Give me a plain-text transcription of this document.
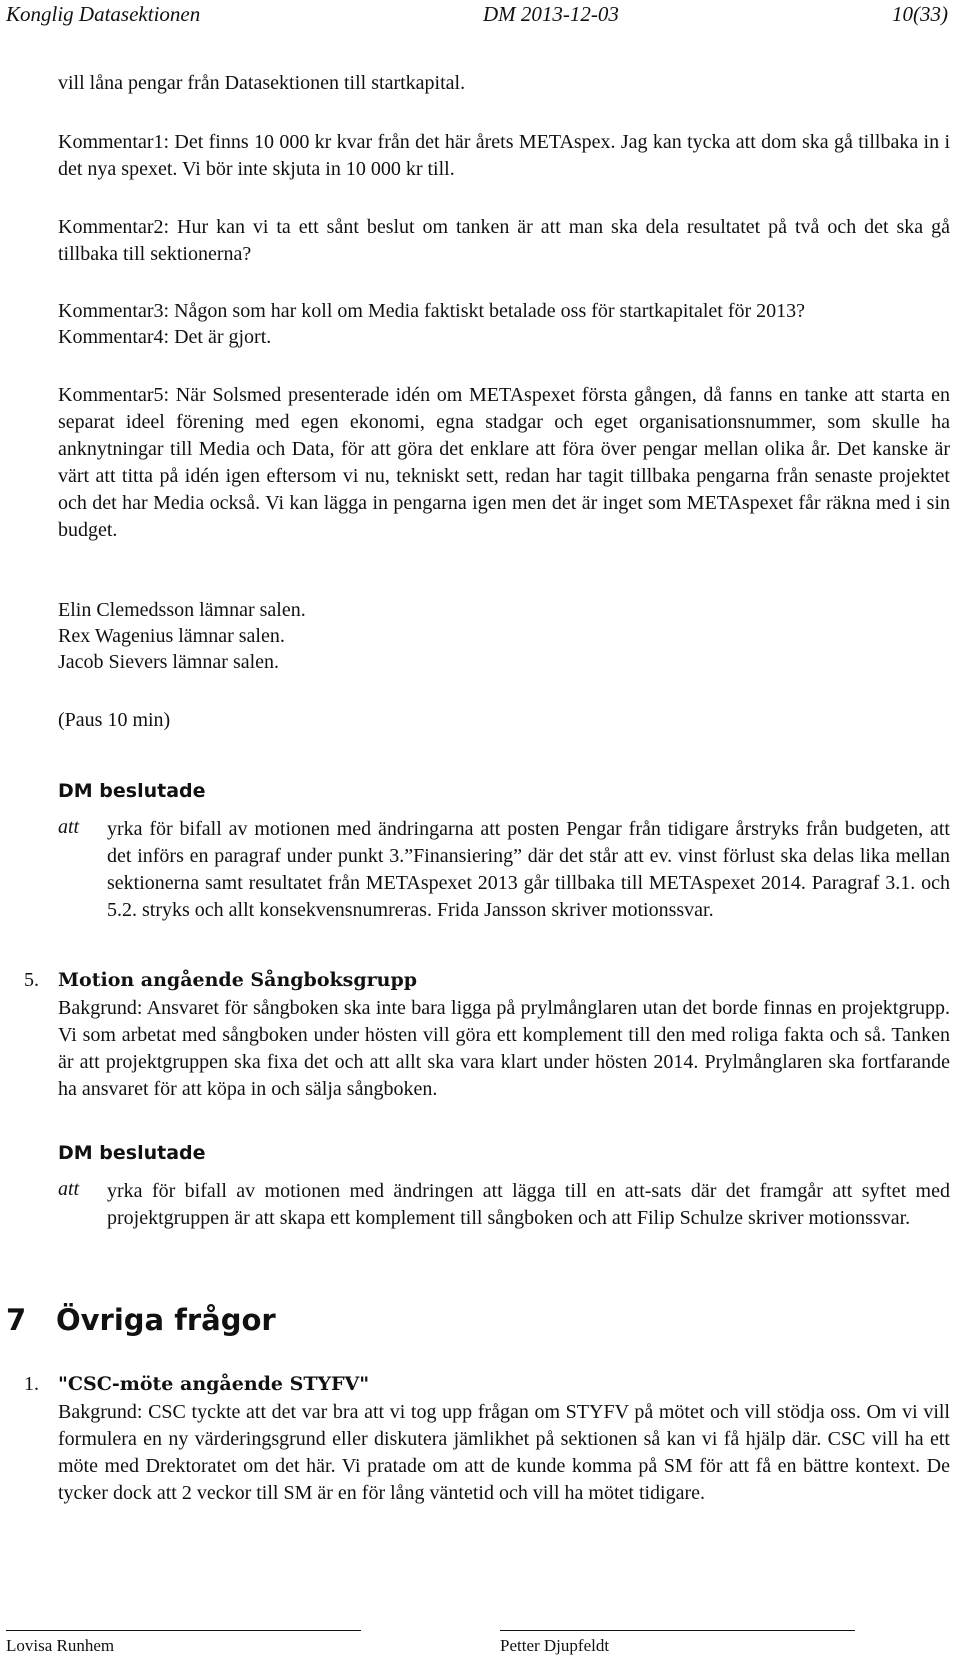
Konglig Datasektionen	DM 2013-12-03	10(33)

vill låna pengar från Datasektionen till startkapital.

Kommentar1: Det finns 10 000 kr kvar från det här årets METAspex. Jag kan tycka att dom ska gå tillbaka in i det nya spexet. Vi bör inte skjuta in 10 000 kr till.

Kommentar2: Hur kan vi ta ett sånt beslut om tanken är att man ska dela resultatet på två och det ska gå tillbaka till sektionerna?

Kommentar3: Någon som har koll om Media faktiskt betalade oss för startkapitalet för 2013?

Kommentar4: Det är gjort.

Kommentar5: När Solsmed presenterade idén om METAspexet första gången, då fanns en tanke att starta en separat ideel förening med egen ekonomi, egna stadgar och eget organisationsnummer, som skulle ha anknytningar till Media och Data, för att göra det enklare att föra över pengar mellan olika år. Det kanske är värt att titta på idén igen eftersom vi nu, tekniskt sett, redan har tagit tillbaka pengarna från senaste projektet och det har Media också. Vi kan lägga in pengarna igen men det är inget som METAspexet får räkna med i sin budget.

Elin Clemedsson lämnar salen.

Rex Wagenius lämnar salen.

Jacob Sievers lämnar salen.

(Paus 10 min)

DM beslutade
att yrka för bifall av motionen med ändringarna att posten Pengar från tidigare årstryks från budgeten, att det införs en paragraf under punkt 3.”Finansiering” där det står att ev. vinst förlust ska delas lika mellan sektionerna samt resultatet från METAspexet 2013 går tillbaka till METAspexet 2014. Paragraf 3.1. och 5.2. stryks och allt konsekvensnumreras. Frida Jansson skriver motionssvar.

5. Motion angående Sångboksgrupp

Bakgrund: Ansvaret för sångboken ska inte bara ligga på prylmånglaren utan det borde finnas en projektgrupp. Vi som arbetat med sångboken under hösten vill göra ett komplement till den med roliga fakta och så. Tanken är att projektgruppen ska fixa det och att allt ska vara klart under hösten 2014. Prylmånglaren ska fortfarande ha ansvaret för att köpa in och sälja sångboken.

DM beslutade
att yrka för bifall av motionen med ändringen att lägga till en att-sats där det framgår att syftet med projektgruppen är att skapa ett komplement till sångboken och att Filip Schulze skriver motionssvar.

7 Övriga frågor
1. "CSC-möte angående STYFV"

Bakgrund: CSC tyckte att det var bra att vi tog upp frågan om STYFV på mötet och vill stödja oss. Om vi vill formulera en ny värderingsgrund eller diskutera jämlikhet på sektionen så kan vi få hjälp där. CSC vill ha ett möte med Drektoratet om det här. Vi pratade om att de kunde komma på SM för att få en bättre kontext. De tycker dock att 2 veckor till SM är en för lång väntetid och vill ha mötet tidigare.

Lovisa Runhem	Petter Djupfeldt
